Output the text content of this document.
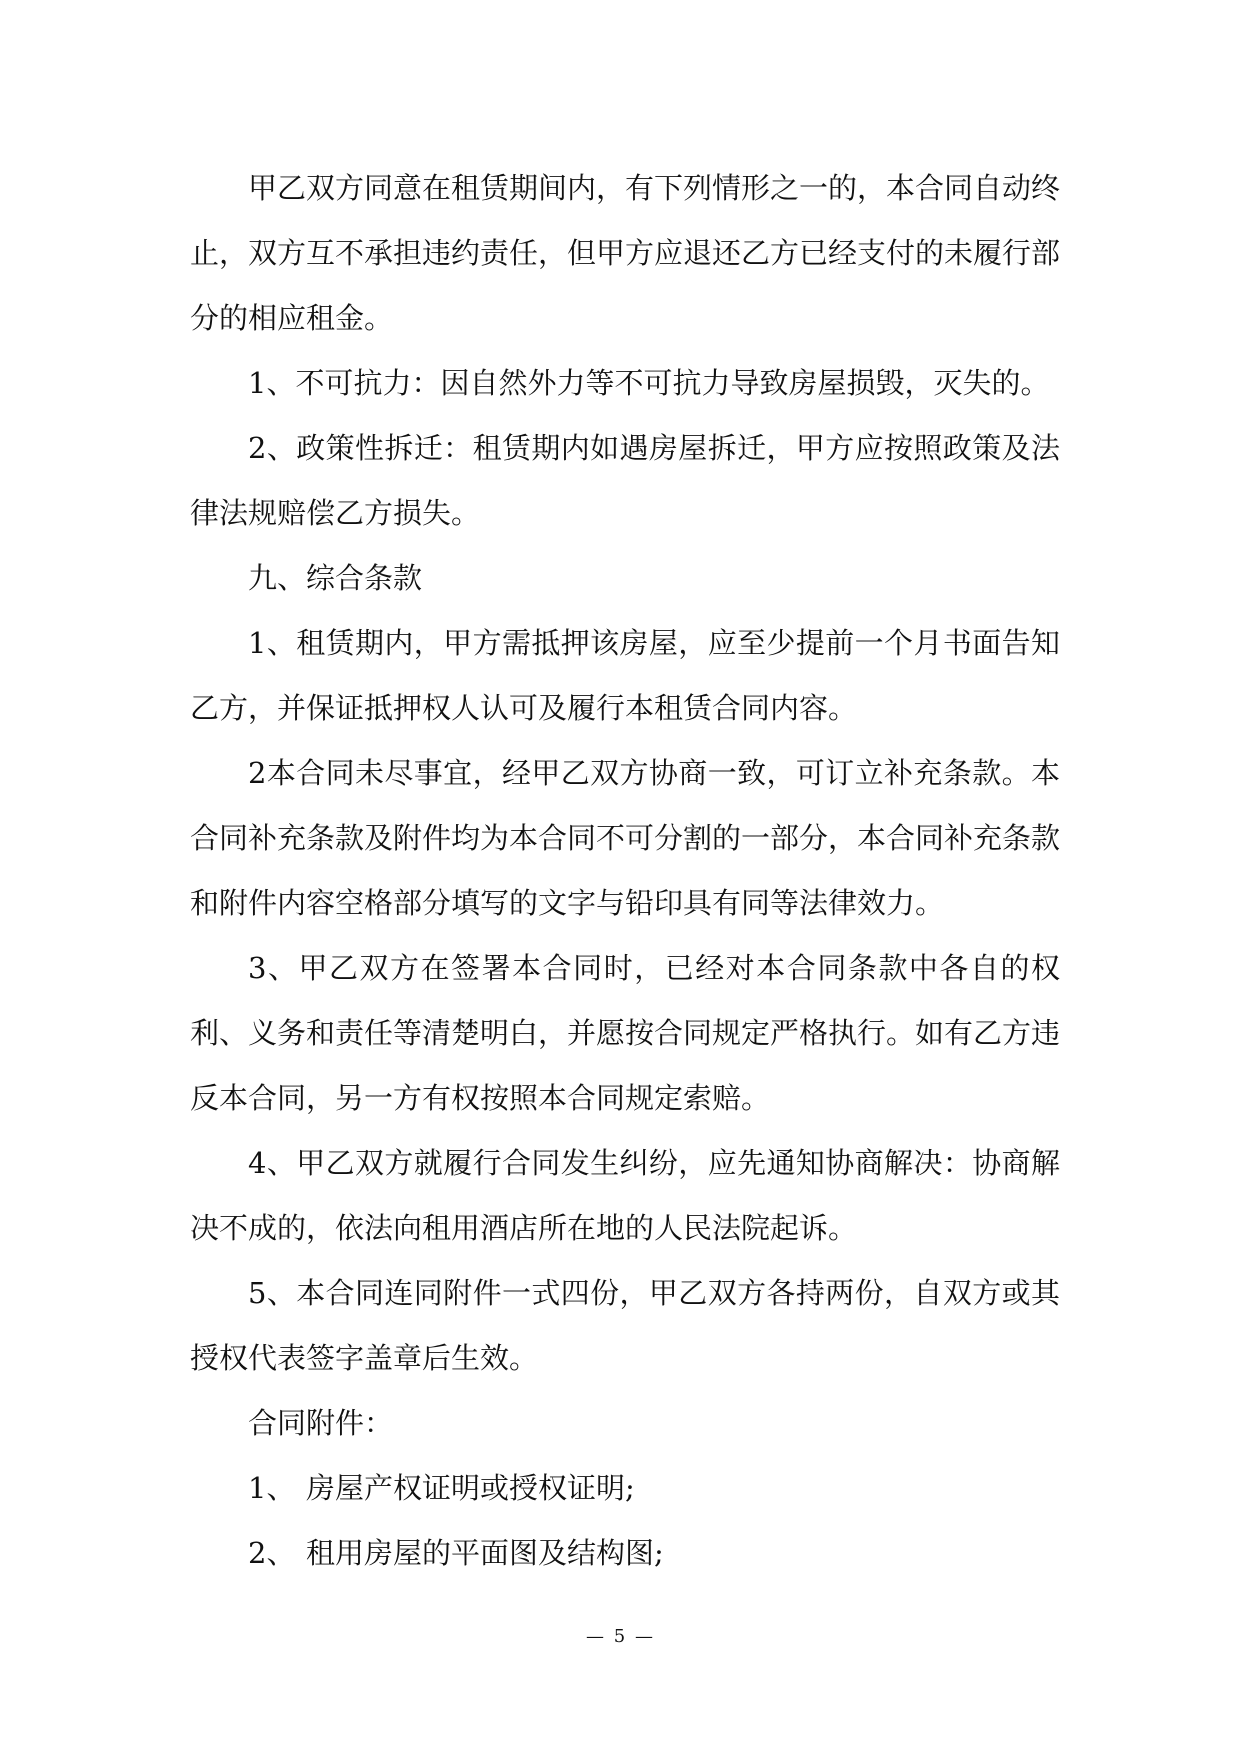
甲乙双方同意在租赁期间内，有下列情形之一的，本合同自动终止，双方互不承担违约责任，但甲方应退还乙方已经支付的未履行部分的相应租金。

1、不可抗力：因自然外力等不可抗力导致房屋损毁，灭失的。

2、政策性拆迁：租赁期内如遇房屋拆迁，甲方应按照政策及法律法规赔偿乙方损失。

九、综合条款

1、租赁期内，甲方需抵押该房屋，应至少提前一个月书面告知乙方，并保证抵押权人认可及履行本租赁合同内容。

2本合同未尽事宜，经甲乙双方协商一致，可订立补充条款。本合同补充条款及附件均为本合同不可分割的一部分，本合同补充条款和附件内容空格部分填写的文字与铅印具有同等法律效力。

3、甲乙双方在签署本合同时，已经对本合同条款中各自的权利、义务和责任等清楚明白，并愿按合同规定严格执行。如有乙方违反本合同，另一方有权按照本合同规定索赔。

4、甲乙双方就履行合同发生纠纷，应先通知协商解决：协商解决不成的，依法向租用酒店所在地的人民法院起诉。

5、本合同连同附件一式四份，甲乙双方各持两份，自双方或其授权代表签字盖章后生效。

合同附件：

1、 房屋产权证明或授权证明;
2、 租用房屋的平面图及结构图;
— 5 —
